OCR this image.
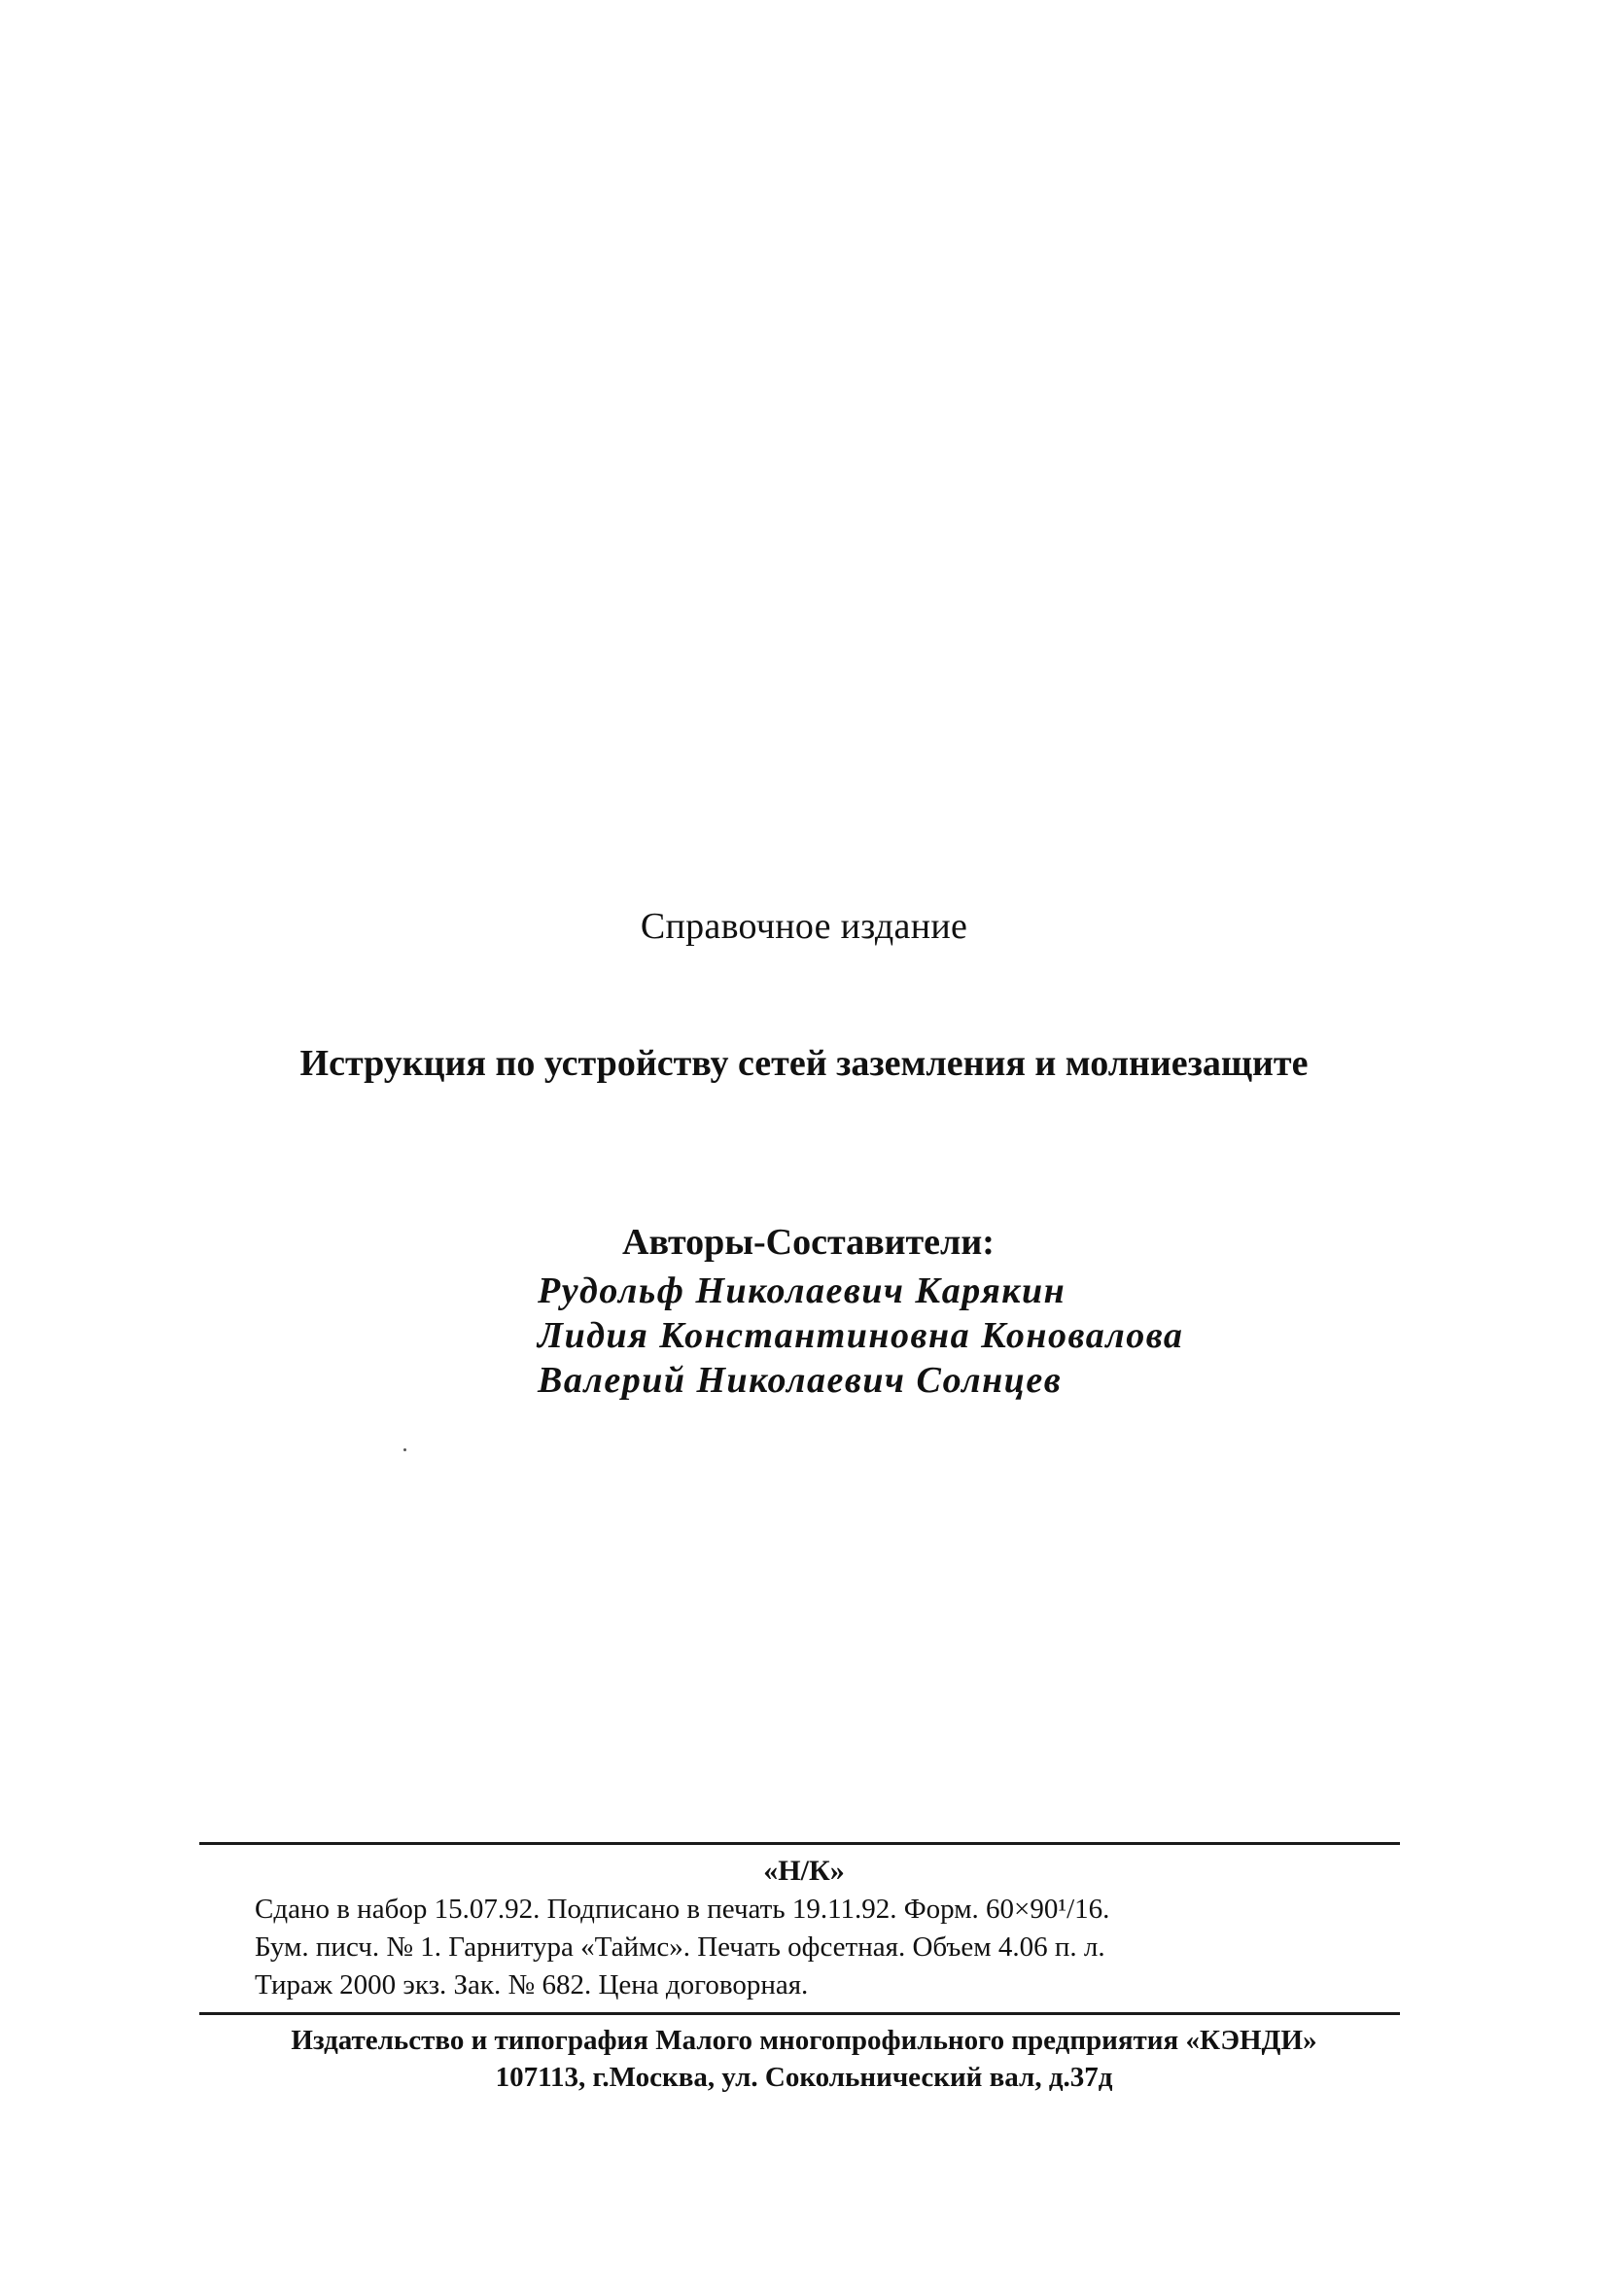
Справочное издание
Иструкция по устройству сетей заземления и молниезащите
Авторы-Составители:
Рудольф Николаевич Карякин
Лидия Константиновна Коновалова
Валерий Николаевич Солнцев
«Н/К»
Сдано в набор 15.07.92. Подписано в печать 19.11.92. Форм. 60×90¹/16.
Бум. писч. № 1. Гарнитура «Таймс». Печать офсетная. Объем 4.06 п. л.
Тираж 2000 экз. Зак. № 682. Цена договорная.
Издательство и типография Малого многопрофильного предприятия «КЭНДИ»
107113, г.Москва, ул. Сокольнический вал, д.37д
